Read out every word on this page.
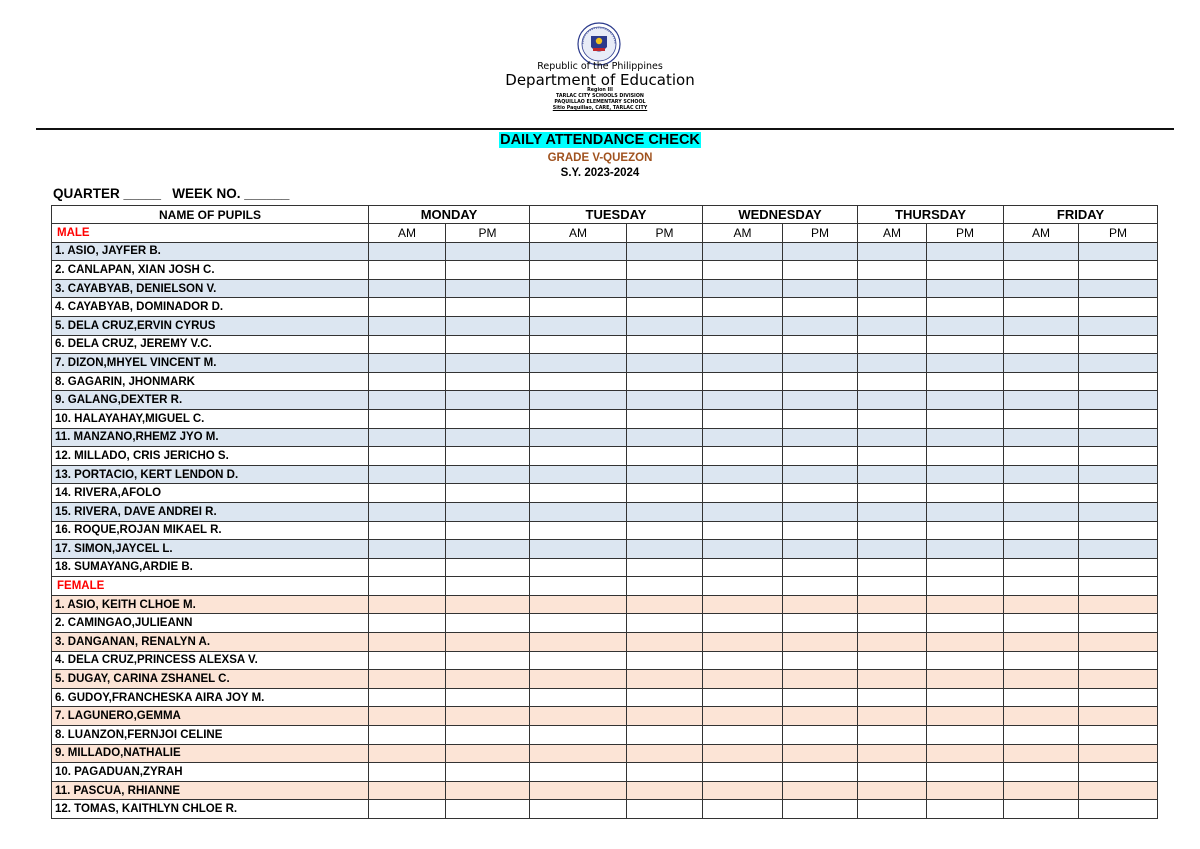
Republic of the Philippines
Department of Education
Region III
TARLAC CITY SCHOOLS DIVISION
PAQUILLAO ELEMENTARY SCHOOL
Sitio Paquillao, CARE, TARLAC CITY
DAILY ATTENDANCE CHECK
GRADE V-QUEZON
S.Y. 2023-2024
QUARTER _____   WEEK NO. ______
NAME OF PUPILS	MONDAY		TUESDAY		WEDNESDAY		THURSDAY		FRIDAY	
MALE	AM	PM	AM	PM	AM	PM	AM	PM	AM	PM
1. ASIO, JAYFER B.										
2. CANLAPAN, XIAN JOSH C.										
3. CAYABYAB, DENIELSON V.										
4. CAYABYAB, DOMINADOR D.										
5. DELA CRUZ,ERVIN CYRUS										
6. DELA CRUZ, JEREMY V.C.										
7. DIZON,MHYEL VINCENT M.										
8. GAGARIN, JHONMARK										
9. GALANG,DEXTER R.										
10. HALAYAHAY,MIGUEL C.										
11. MANZANO,RHEMZ JYO M.										
12. MILLADO, CRIS JERICHO S.										
13. PORTACIO, KERT LENDON D.										
14. RIVERA,AFOLO										
15. RIVERA, DAVE ANDREI R.										
16. ROQUE,ROJAN MIKAEL R.										
17. SIMON,JAYCEL L.										
18. SUMAYANG,ARDIE B.										
FEMALE										
1. ASIO, KEITH CLHOE M.										
2. CAMINGAO,JULIEANN										
3. DANGANAN, RENALYN A.										
4. DELA CRUZ,PRINCESS ALEXSA V.										
5. DUGAY, CARINA ZSHANEL C.										
6. GUDOY,FRANCHESKA AIRA JOY M.										
7. LAGUNERO,GEMMA										
8. LUANZON,FERNJOI CELINE										
9. MILLADO,NATHALIE										
10. PAGADUAN,ZYRAH										
11. PASCUA, RHIANNE										
12. TOMAS, KAITHLYN CHLOE R.										
